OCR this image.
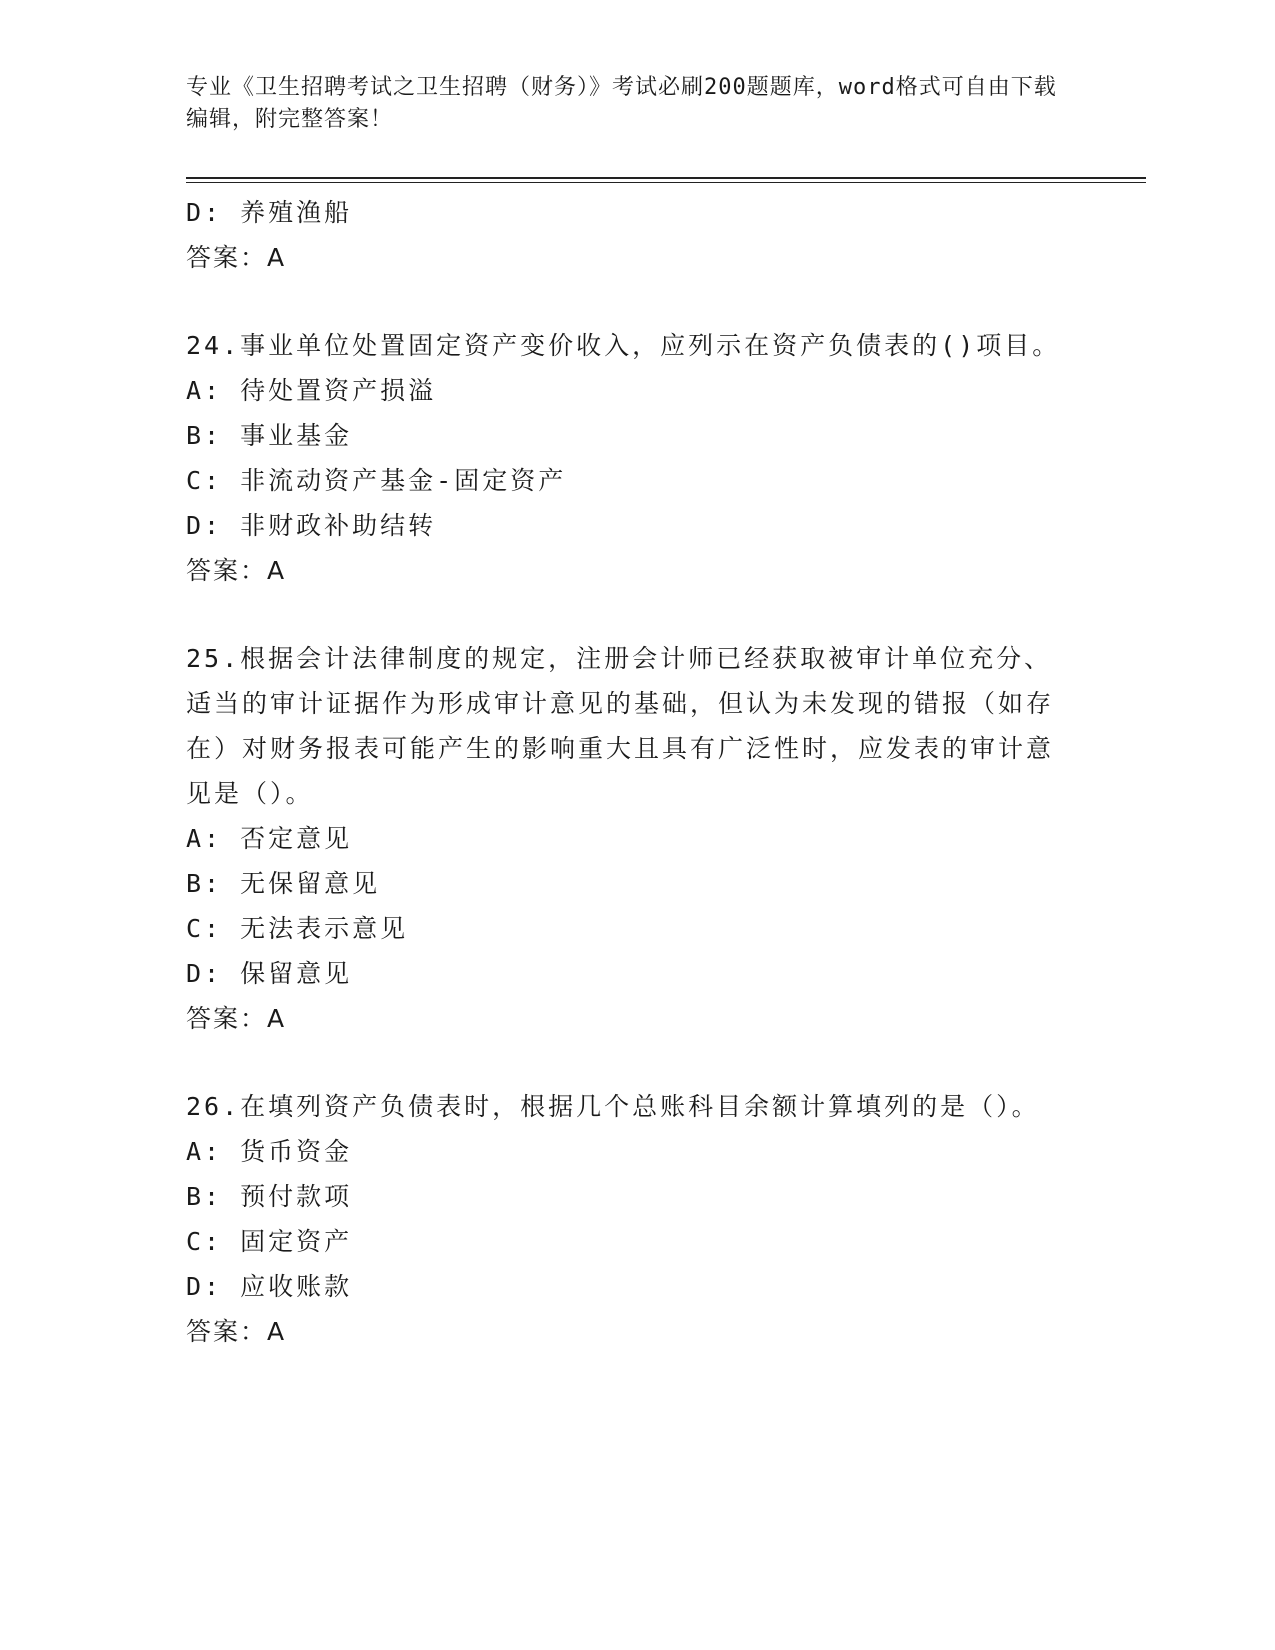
专业《卫生招聘考试之卫生招聘（财务）》考试必刷200题题库，word格式可自由下载编辑，附完整答案！
D: 养殖渔船
答案：A
24.事业单位处置固定资产变价收入，应列示在资产负债表的()项目。
A: 待处置资产损溢
B: 事业基金
C: 非流动资产基金-固定资产
D: 非财政补助结转
答案：A
25.根据会计法律制度的规定，注册会计师已经获取被审计单位充分、适当的审计证据作为形成审计意见的基础，但认为未发现的错报（如存在）对财务报表可能产生的影响重大且具有广泛性时，应发表的审计意见是（）。
A: 否定意见
B: 无保留意见
C: 无法表示意见
D: 保留意见
答案：A
26.在填列资产负债表时，根据几个总账科目余额计算填列的是（）。
A: 货币资金
B: 预付款项
C: 固定资产
D: 应收账款
答案：A
